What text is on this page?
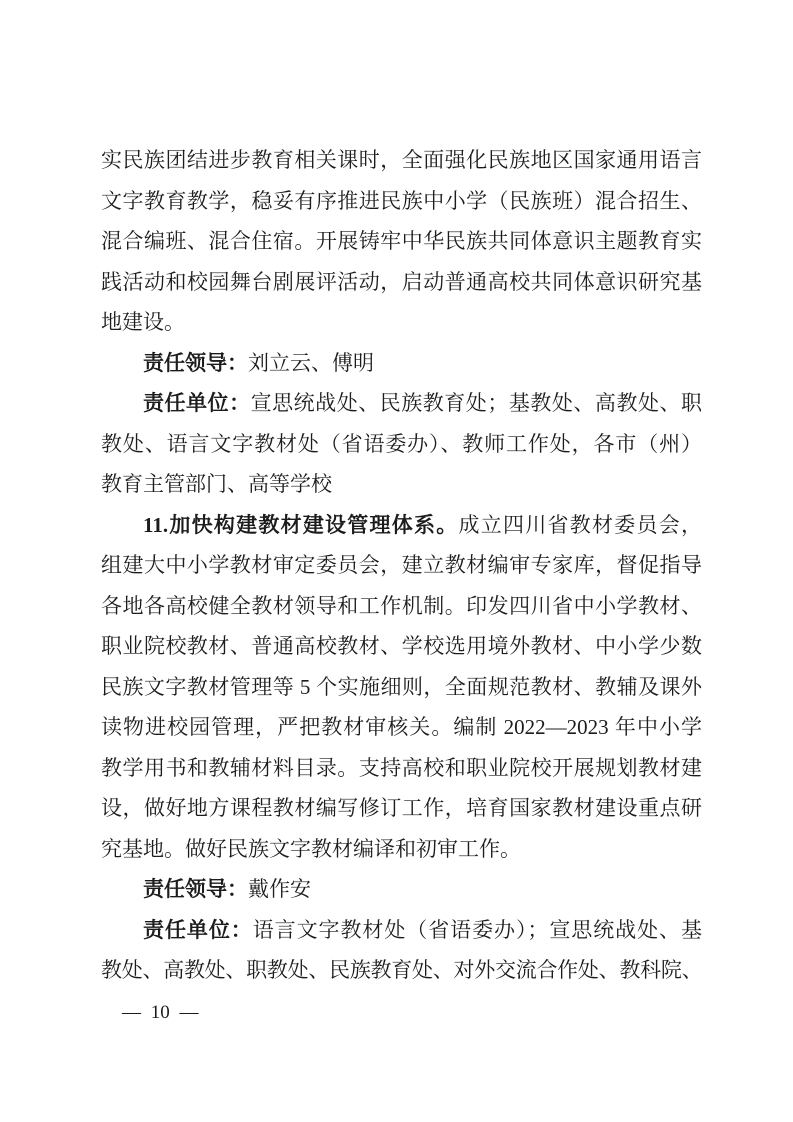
实民族团结进步教育相关课时，全面强化民族地区国家通用语言
文字教育教学，稳妥有序推进民族中小学（民族班）混合招生、
混合编班、混合住宿。开展铸牢中华民族共同体意识主题教育实
践活动和校园舞台剧展评活动，启动普通高校共同体意识研究基
地建设。
责任领导：刘立云、傅明
责任单位：宣思统战处、民族教育处；基教处、高教处、职
教处、语言文字教材处（省语委办）、教师工作处，各市（州）
教育主管部门、高等学校
11.加快构建教材建设管理体系。成立四川省教材委员会，
组建大中小学教材审定委员会，建立教材编审专家库，督促指导
各地各高校健全教材领导和工作机制。印发四川省中小学教材、
职业院校教材、普通高校教材、学校选用境外教材、中小学少数
民族文字教材管理等 5 个实施细则，全面规范教材、教辅及课外
读物进校园管理，严把教材审核关。编制 2022—2023 年中小学
教学用书和教辅材料目录。支持高校和职业院校开展规划教材建
设，做好地方课程教材编写修订工作，培育国家教材建设重点研
究基地。做好民族文字教材编译和初审工作。
责任领导：戴作安
责任单位：语言文字教材处（省语委办）；宣思统战处、基
教处、高教处、职教处、民族教育处、对外交流合作处、教科院、
— 10 —
